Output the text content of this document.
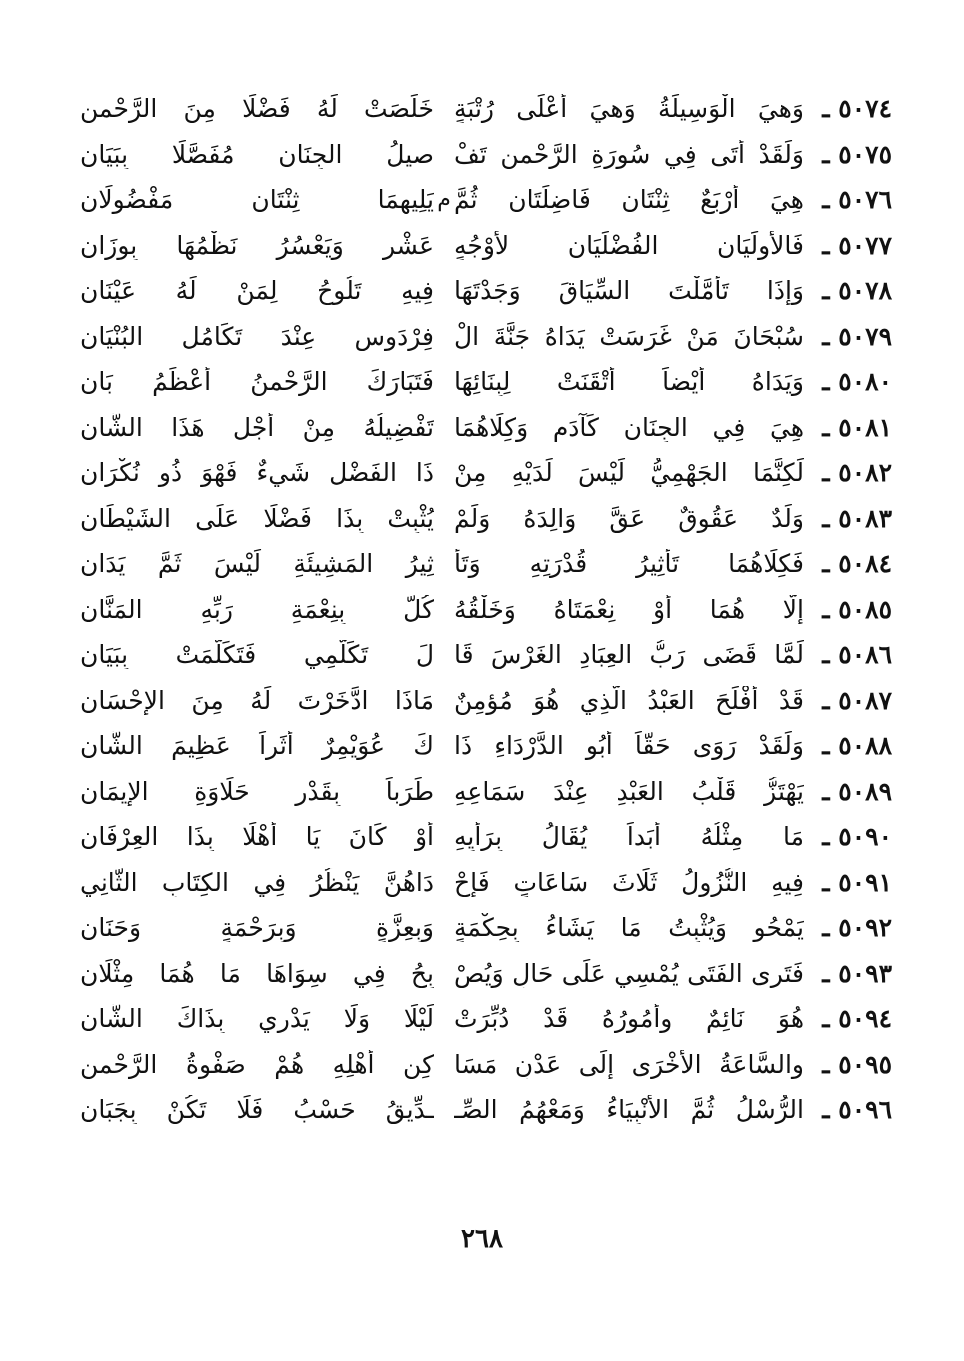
٥٠٧٤ ـ
وَهيَ الْوَسِيلَةُ وَهيَ أَعْلَى رُتْبَةٍ
خَلَصَتْ لَهُ فَضْلًا مِنَ الرَّحْمنِ
٥٠٧٥ ـ
وَلَقَدْ أَتَى فِي سُورَةِ الرَّحْمنِ تَفْ
صيلُ الجِنَانِ مُفَصَّلًا بِبَيَانِ
٥٠٧٦ ـ
هِيَ أَرْبَعٌ ثِنْتَانِ فَاضِلَتَانِ ثُمَّ
م
يَلِيهِمَا ثِنْتَانِ مَفْضُولَانِ
٥٠٧٧ ـ
فَالأُولَيَانِ الفُضْلَيَانِ لأَوْجُهٍ
عَشْرٍ وَيَعْسُرُ نَظْمُهَا بِوزَانِ
٥٠٧٨ ـ
وَإِذَا تَأَمَّلْتَ السِّيَاقَ وَجَدْتَهَا
فِيهِ تَلُوحُ لِمَنْ لَهُ عَيْنَانِ
٥٠٧٩ ـ
سُبْحَانَ مَنْ غَرَسَتْ يَدَاهُ جَنَّةَ الْ
فِرْدَوسِ عِنْدَ تَكَامُلِ البُنْيَانِ
٥٠٨٠ ـ
وَيَدَاهُ أَيْضاً أَتْقَنَتْ لِبِنَائِهَا
فَتَبَارَكَ الرَّحْمنُ أَعْظَمُ بَانِ
٥٠٨١ ـ
هِيَ فِي الجِنَانِ كَآدَمٍ وَكِلَاهُمَا
تَفْضِيلُهُ مِنْ أَجْلِ هَذَا الشَّانِ
٥٠٨٢ ـ
لَكِنَّمَا الجَهْمِيُّ لَيْسَ لَدَيْهِ مِنْ
ذَا الفَضْلِ شَيءٌ فَهْوَ ذُو نُكْرَانِ
٥٠٨٣ ـ
وَلَدٌ عَقُوقٌ عَقَّ وَالِدَهُ وَلَمْ
يُثْبِتْ بِذَا فَضْلًا عَلَى الشَيْطَانِ
٥٠٨٤ ـ
فَكِلَاهُمَا تَأْثِيرُ قُدْرَتِهِ وَتَأْ
ثِيرُ المَشِيئَةِ لَيْسَ ثَمَّ يَدَانِ
٥٠٨٥ ـ
إِلّا هُمَا أَوْ نِعْمَتَاهُ وَخَلْقُهُ
كُلٌّ بِنِعْمَةِ رَبِّهِ المَنَّانِ
٥٠٨٦ ـ
لَمَّا قَضَى رَبُّ العِبَادِ الغَرْسَ قَا
لَ تَكَلَّمِي فَتَكَلَّمَتْ بِبَيَانِ
٥٠٨٧ ـ
قَدْ أَفْلَحَ العَبْدُ الَّذِي هُوَ مُؤمِنٌ
مَاذَا ادَّخَرْتَ لَهُ مِنَ الإِحْسَانِ
٥٠٨٨ ـ
وَلَقَدْ رَوَى حَقّاً أَبُو الدَّرْدَاءِ ذَا
كَ عُوَيْمِرٌ أَثَراً عَظِيمَ الشَّانِ
٥٠٨٩ ـ
يَهْتَزُّ قَلْبُ العَبْدِ عِنْدَ سَمَاعِهِ
طَرَباً بِقَدْرِ حَلَاوَةِ الإِيمَانِ
٥٠٩٠ ـ
مَا مِثْلُهُ أَبَداً يُقَالُ بِرَأْيِهِ
أَوْ كَانَ يَا أَهْلًا بِذَا العِرْفَانِ
٥٠٩١ ـ
فِيهِ النُّزُولُ ثَلَاثَ سَاعَاتٍ فَإِحْ
دَاهُنَّ يَنْظُرُ فِي الكِتَابِ الثَّانِي
٥٠٩٢ ـ
يَمْحُو وَيُثْبِتُ مَا يَشَاءُ بِحِكْمَةٍ
وَبِعِزَّةٍ وَبِرَحْمَةٍ وَحَنَانِ
٥٠٩٣ ـ
فَتَرى الفَتَى يُمْسِي عَلَى حَالٍ وَيُصْ
بِحُ فِي سِوَاهَا مَا هُمَا مِثْلَانِ
٥٠٩٤ ـ
هُوَ نَائِمٌ وأُمُورُهُ قَدْ دُبِّرَتْ
لَيْلًا وَلَا يَدْرِي بِذَاكَ الشَّانِ
٥٠٩٥ ـ
والسَّاعَةُ الأُخْرَى إِلَى عَدْنٍ مَسَا
كِنِ أَهْلِهِ هُمْ صَفْوةُ الرَّحْمنِ
٥٠٩٦ ـ
الرُّسْلُ ثُمَّ الأَنْبِيَاءُ وَمَعْهُمُ الصِّـ
ـدِّيقُ حَسْبُ فَلَا تَكُنْ بِجَبَانِ
٢٦٨
